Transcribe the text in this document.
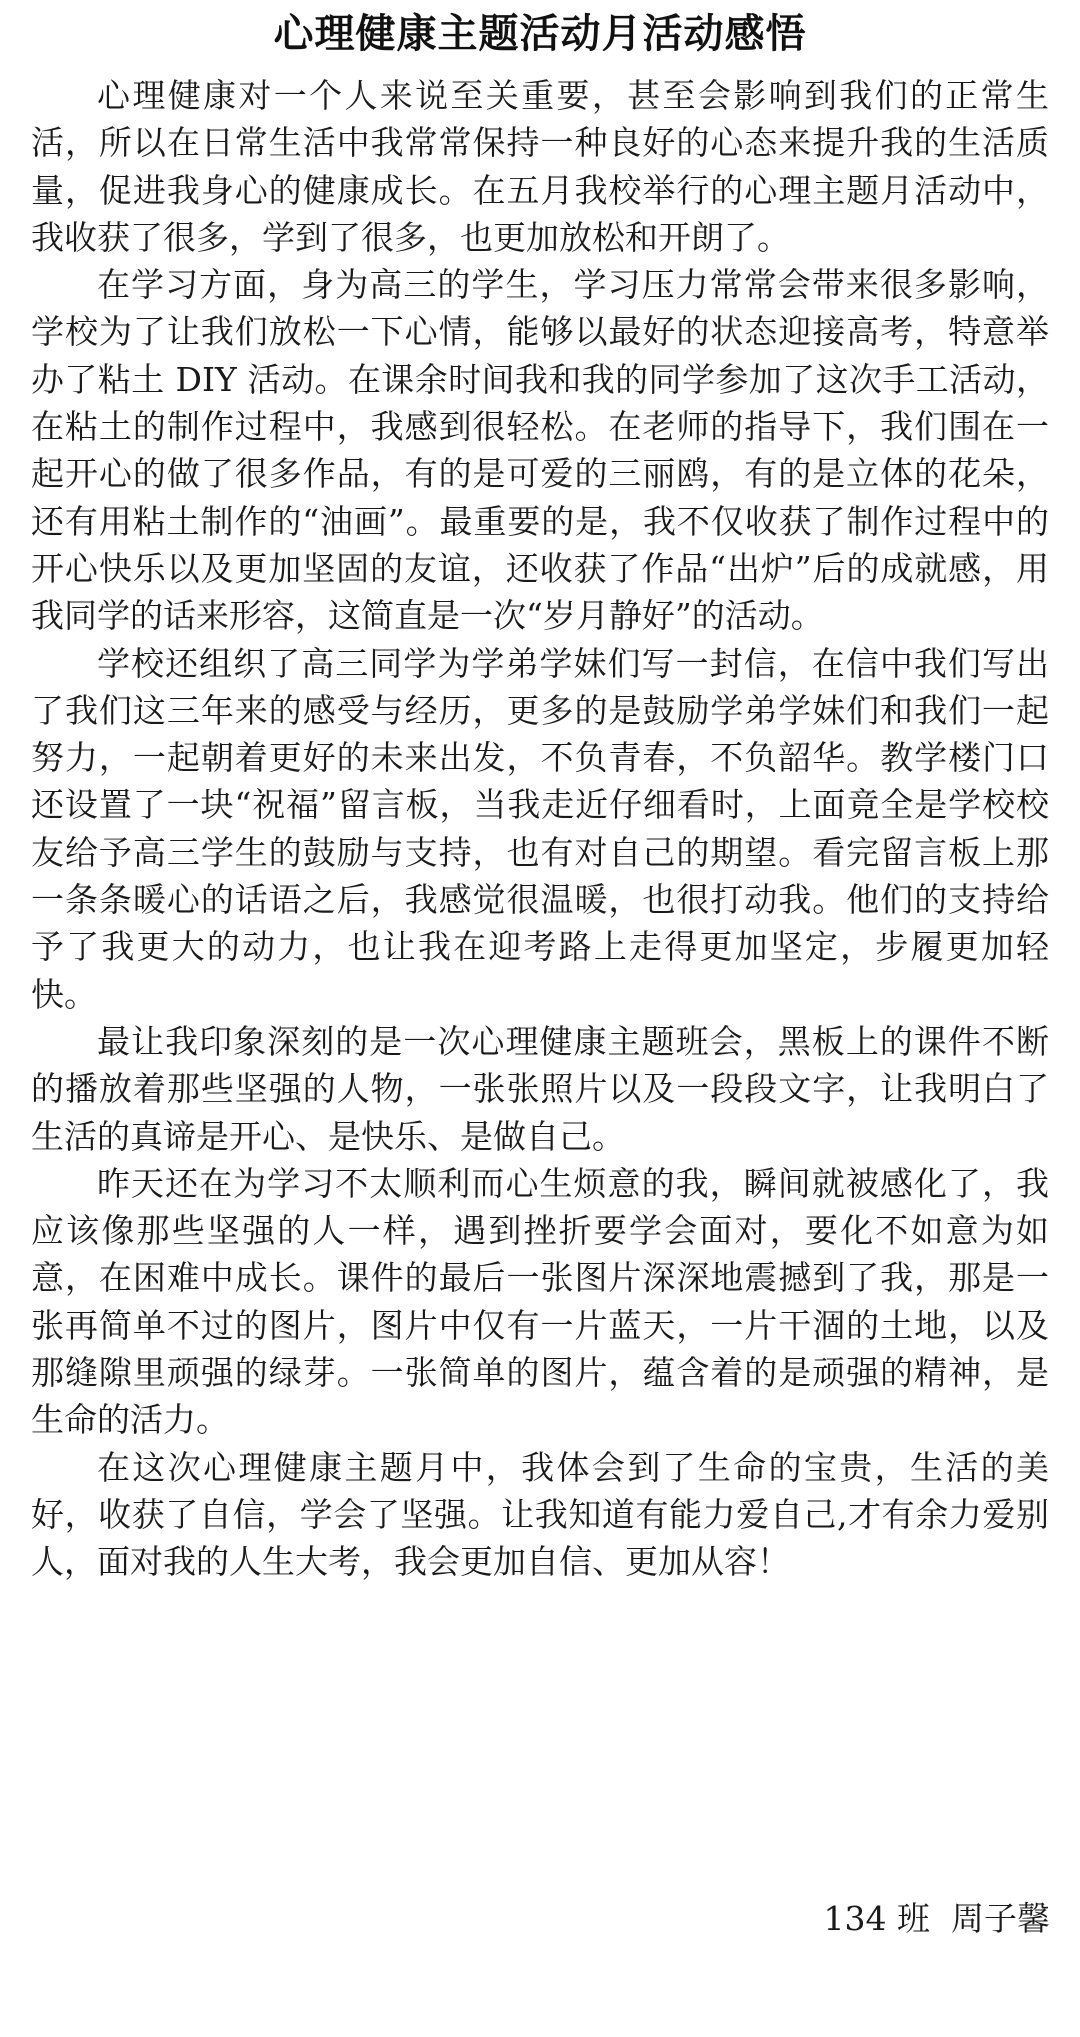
心理健康主题活动月活动感悟

心理健康对一个人来说至关重要，甚至会影响到我们的正常生活，所以在日常生活中我常常保持一种良好的心态来提升我的生活质量，促进我身心的健康成长。在五月我校举行的心理主题月活动中，我收获了很多，学到了很多，也更加放松和开朗了。

在学习方面，身为高三的学生，学习压力常常会带来很多影响，学校为了让我们放松一下心情，能够以最好的状态迎接高考，特意举办了粘土 DIY 活动。在课余时间我和我的同学参加了这次手工活动，在粘土的制作过程中，我感到很轻松。在老师的指导下，我们围在一起开心的做了很多作品，有的是可爱的三丽鸥，有的是立体的花朵，还有用粘土制作的“油画”。最重要的是，我不仅收获了制作过程中的开心快乐以及更加坚固的友谊，还收获了作品“出炉”后的成就感，用我同学的话来形容，这简直是一次“岁月静好”的活动。

学校还组织了高三同学为学弟学妹们写一封信，在信中我们写出了我们这三年来的感受与经历，更多的是鼓励学弟学妹们和我们一起努力，一起朝着更好的未来出发，不负青春，不负韶华。教学楼门口还设置了一块“祝福”留言板，当我走近仔细看时，上面竟全是学校校友给予高三学生的鼓励与支持，也有对自己的期望。看完留言板上那一条条暖心的话语之后，我感觉很温暖，也很打动我。他们的支持给予了我更大的动力，也让我在迎考路上走得更加坚定，步履更加轻快。

最让我印象深刻的是一次心理健康主题班会，黑板上的课件不断的播放着那些坚强的人物，一张张照片以及一段段文字，让我明白了生活的真谛是开心、是快乐、是做自己。

昨天还在为学习不太顺利而心生烦意的我，瞬间就被感化了，我应该像那些坚强的人一样，遇到挫折要学会面对，要化不如意为如意，在困难中成长。课件的最后一张图片深深地震撼到了我，那是一张再简单不过的图片，图片中仅有一片蓝天，一片干涸的土地，以及那缝隙里顽强的绿芽。一张简单的图片，蕴含着的是顽强的精神，是生命的活力。

在这次心理健康主题月中，我体会到了生命的宝贵，生活的美好，收获了自信，学会了坚强。让我知道有能力爱自己,才有余力爱别人，面对我的人生大考，我会更加自信、更加从容！

134 班  周子馨
